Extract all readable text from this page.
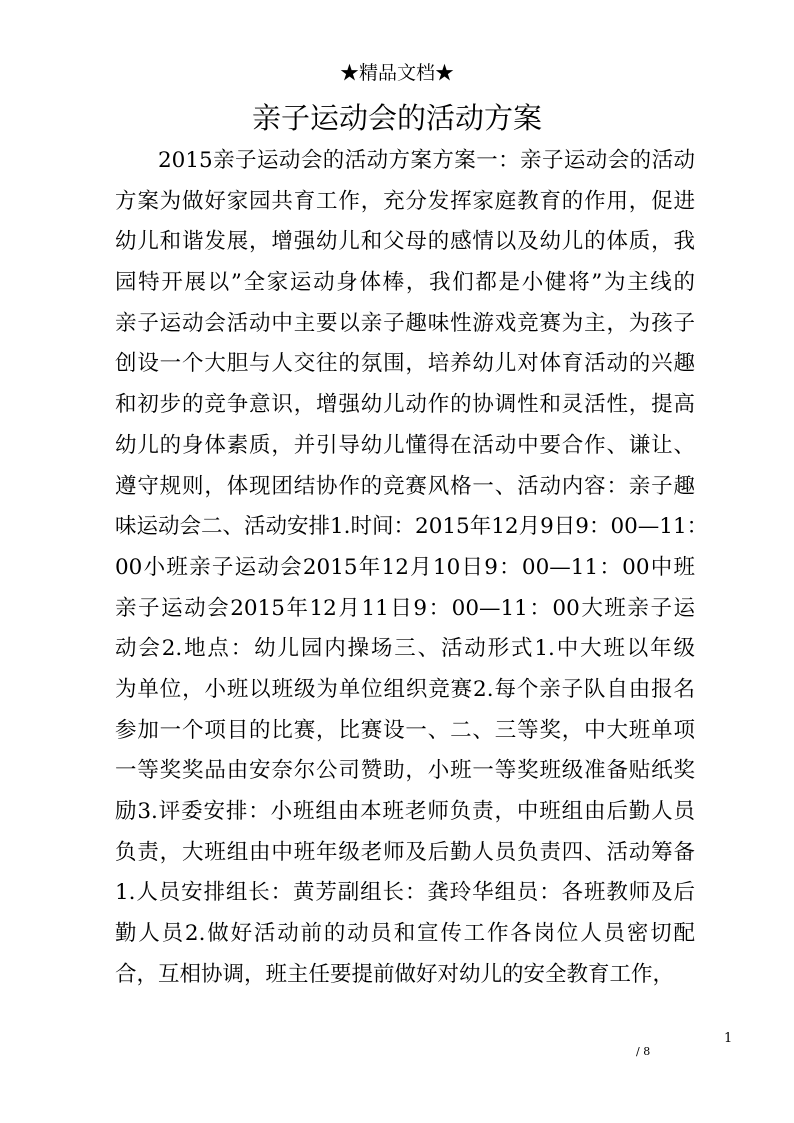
★精品文档★
亲子运动会的活动方案
2015亲子运动会的活动方案方案一：亲子运动会的活动
方案为做好家园共育工作，充分发挥家庭教育的作用，促进
幼儿和谐发展，增强幼儿和父母的感情以及幼儿的体质，我
园特开展以”全家运动身体棒，我们都是小健将”为主线的
亲子运动会活动中主要以亲子趣味性游戏竞赛为主，为孩子
创设一个大胆与人交往的氛围，培养幼儿对体育活动的兴趣
和初步的竞争意识，增强幼儿动作的协调性和灵活性，提高
幼儿的身体素质，并引导幼儿懂得在活动中要合作、谦让、
遵守规则，体现团结协作的竞赛风格一、活动内容：亲子趣
味运动会二、活动安排1.时间：2015年12月9日9：00—11：
00小班亲子运动会2015年12月10日9：00—11：00中班
亲子运动会2015年12月11日9：00—11：00大班亲子运
动会2.地点：幼儿园内操场三、活动形式1.中大班以年级
为单位，小班以班级为单位组织竞赛2.每个亲子队自由报名
参加一个项目的比赛，比赛设一、二、三等奖，中大班单项
一等奖奖品由安奈尔公司赞助，小班一等奖班级准备贴纸奖
励3.评委安排：小班组由本班老师负责，中班组由后勤人员
负责，大班组由中班年级老师及后勤人员负责四、活动筹备
1.人员安排组长：黄芳副组长：龚玲华组员：各班教师及后
勤人员2.做好活动前的动员和宣传工作各岗位人员密切配
合，互相协调，班主任要提前做好对幼儿的安全教育工作，
1
/ 8
